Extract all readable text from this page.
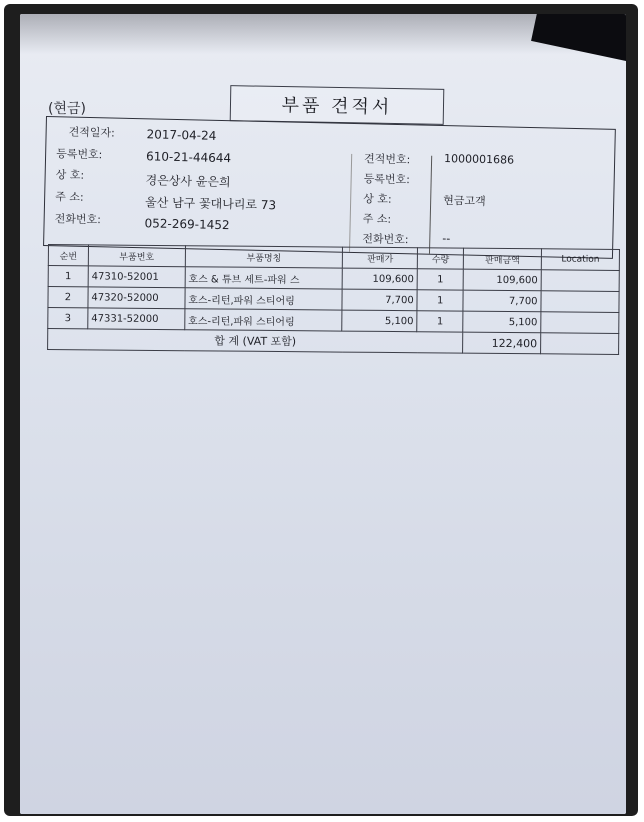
(현금)	부품 견적서
견적일자:	2017-04-24
등록번호:	610-21-44644
상 호:	경은상사 윤은희
주 소:	울산 남구 꽃대나리로 73
전화번호:	052-269-1452
견적번호:	1000001686
등록번호:
상 호:	현금고객
주 소:
전화번호:	--
순번	부품번호	부품명칭	판매가	수량	판매금액	Location
1	47310-52001	호스 & 튜브 세트-파워 스	109,600	1	109,600	
2	47320-52000	호스-리턴,파워 스티어링	7,700	1	7,700	
3	47331-52000	호스-리턴,파워 스티어링	5,100	1	5,100	
합 계 (VAT 포함)					122,400	
